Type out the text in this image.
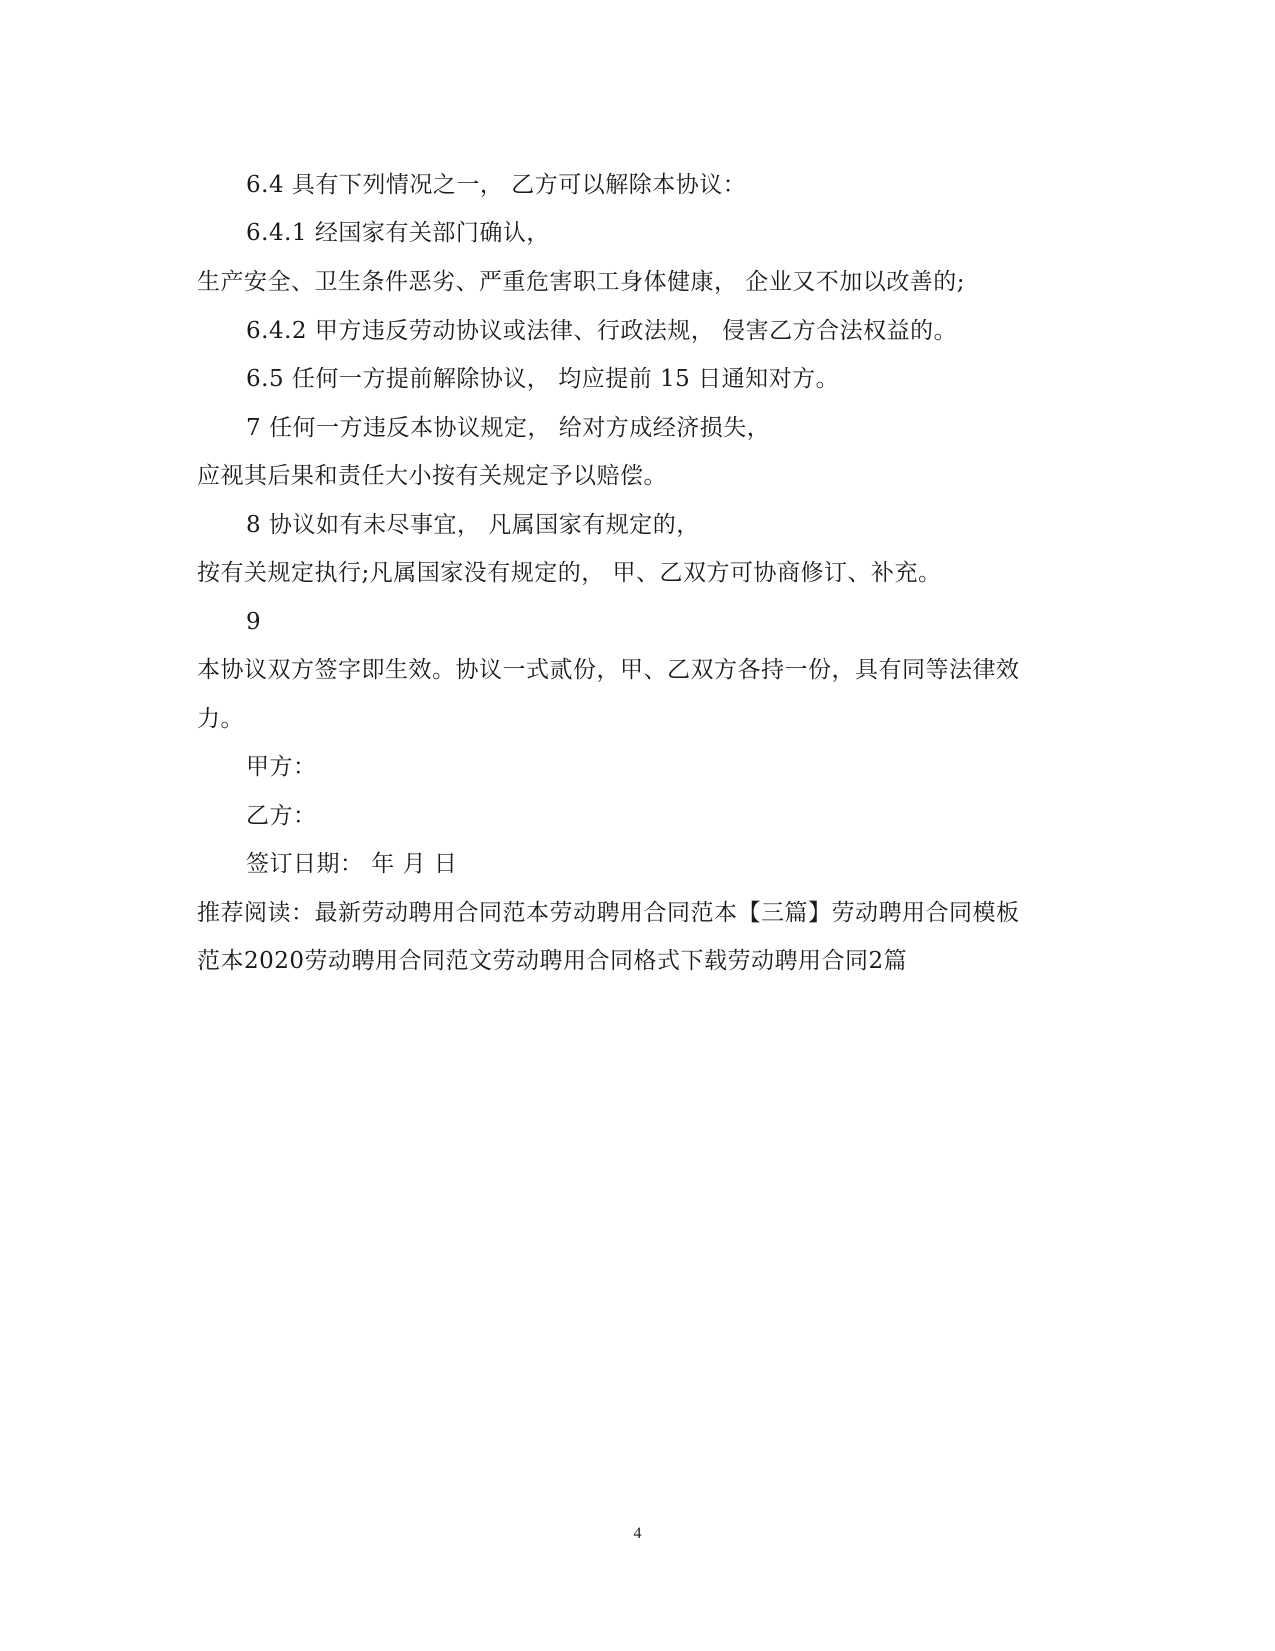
6.4 具有下列情况之一， 乙方可以解除本协议：
6.4.1 经国家有关部门确认，
生产安全、卫生条件恶劣、严重危害职工身体健康， 企业又不加以改善的;
6.4.2 甲方违反劳动协议或法律、行政法规， 侵害乙方合法权益的。
6.5 任何一方提前解除协议， 均应提前 15 日通知对方。
7 任何一方违反本协议规定， 给对方成经济损失，
应视其后果和责任大小按有关规定予以赔偿。
8 协议如有未尽事宜， 凡属国家有规定的，
按有关规定执行;凡属国家没有规定的， 甲、乙双方可协商修订、补充。
9
本协议双方签字即生效。协议一式贰份，甲、乙双方各持一份，具有同等法律效
力。
甲方：
乙方：
签订日期： 年 月 日
推荐阅读：最新劳动聘用合同范本劳动聘用合同范本【三篇】劳动聘用合同模板
范本2020劳动聘用合同范文劳动聘用合同格式下载劳动聘用合同2篇
4
